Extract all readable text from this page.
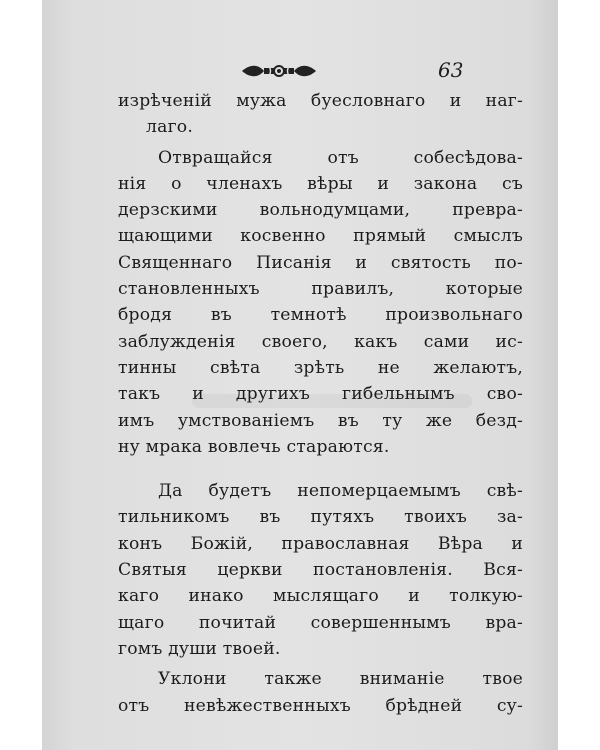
63
изрѣченій мужа буесловнаго и наг-
лаго.
Отвращайся отъ собесѣдова-
нія о членахъ вѣры и закона съ
дерзскими вольнодумцами, превра-
щающими косвенно прямый смыслъ
Священнаго Писанія и святость по-
становленныхъ правилъ, которые
бродя въ темнотѣ произвольнаго
заблужденія своего, какъ сами ис-
тинны свѣта зрѣть не желаютъ,
такъ и другихъ гибельнымъ сво-
имъ умствованіемъ въ ту же безд-
ну мрака вовлечь стараются.
Да будетъ непомерцаемымъ свѣ-
тильникомъ въ путяхъ твоихъ за-
конъ Божій, православная Вѣра и
Святыя церкви постановленія. Вся-
каго инако мыслящаго и толкую-
щаго почитай совершеннымъ вра-
гомъ души твоей.
Уклони также вниманіе твое
отъ невѣжественныхъ брѣдней су-
